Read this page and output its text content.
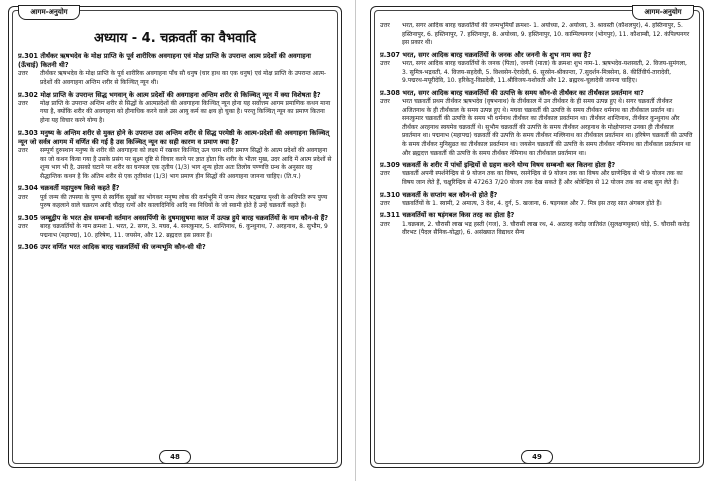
आगम-अनुयोग
अध्याय - 4. चक्रवर्ती का वैभवादि
प्र.301 तीर्थंकर ऋषभदेव के मोक्ष प्राप्ति के पूर्व शारीरिक अवगाहना एवं मोक्ष प्राप्ति के उपरान्त आत्म प्रदेशों की अवगाहना (ऊँचाई) कितनी थी?
उत्तर	तीर्थंकर ऋषभदेव के मोक्ष प्राप्ति के पूर्व शारीरिक अवगाहना पाँच सौ धनुष (चार हाथ का एक धनुष) एवं मोक्ष प्राप्ति के उपरान्त आत्म-प्रदेशों की अवगाहना अन्तिम शरीर से किञ्चित् न्यून थी।
प्र.302 मोक्ष प्राप्ति के उपरान्त सिद्ध भगवान् के आत्म प्रदेशों की अवगाहना अन्तिम शरीर से किञ्चित् न्यून में क्या विशेषता है?
उत्तर	मोक्ष प्राप्ति के उपरान्त अन्तिम शरीर से सिद्धों के आत्मप्रदेशों की अवगाहना किञ्चित् न्यून होना यह सर्वोत्तम आगम प्रमाणिक कथन माना गया है, क्योंकि शरीर की अवगाहना को हीनाधिक करने वाले उस आयु कर्म का क्षय हो चुका है। परन्तु किञ्चित् न्यून का प्रमाण कितना होना यह विचार करने योग्य है।
प्र.303 मनुष्य के अन्तिम शरीर से मुक्त होने के उपरान्त उस अन्तिम शरीर से सिद्ध परमेष्ठी के आत्म-प्रदेशों की अवगाहना किञ्चित् न्यून जो सर्वत्र आगम में वर्णित की गई है उस किञ्चित् न्यून का सही कारण व प्रमाण क्या है?
उत्तर	सम्पूर्ण दुरुस्थान मनुष्य के शरीर की अवगाहना को लक्ष्य में रखकर किञ्चित् ऊन चरम शरीर प्रमाण सिद्धों के आत्म प्रदेशों की अवगाहना का जो कथन किया गया है उसके प्रसंग पर सूक्ष्म दृष्टि से विचार करने पर ज्ञात होता कि शरीर के भीतर मुख, उदर आदि में आत्म प्रदेशों से शून्य भाग भी है, उसको घटाने पर शरीर का घनफल एक तृतीय (1/3) भाग शून्य होता अतः तिलोय पण्णत्ति ग्रन्थ के अनुसार वह सैद्धान्तिक कथन है कि अंतिम शरीर से एक तृतीयांश (1/3) भाग प्रमाण हीन सिद्धों की अवगाहना जानना चाहिए। (ति.प.)
प्र.304 चक्रवर्ती महापुरुष किसे कहते हैं?
उत्तर	पूर्व जन्म की तपस्या के पुण्य से स्वर्गिक सुखों का भोगकर मनुष्य लोक की कर्मभूमि में जन्म लेकर षट्खण्ड पृथ्वी के अधिपति रूप पुण्य पुरुष कहलाने वाले चक्ररत्न आदि चौदह रत्नों और कालादिनिधि आदि नव निधियों के जो स्वामी होते हैं उन्हें चक्रवर्ती कहते हैं।
प्र.305 जम्बूद्वीप के भरत क्षेत्र सम्बन्धी वर्तमान अवसर्पिणी के दुषमासुषमा काल में उत्पन्न हुये बारह चक्रवर्तियों के नाम कौन-से हैं?
उत्तर	बारह चक्रवर्तियों के नाम क्रमशः 1. भरत, 2. सगर, 3. मघव, 4. सनत्कुमार, 5. शान्तिनाथ, 6. कुन्थुनाथ, 7. अरहनाथ, 8. सुभौम, 9 पद्मनाभ (महापद्म), 10. हरिषेण, 11. जयसेन, और 12. ब्रह्मदत्त इस प्रकार हैं।
प्र.306 उपर वर्णित भरत आदिक बारह चक्रवर्तियों की जन्मभूमि कौन-सी थी?
48
आगम-अनुयोग
उत्तर	भरत, सगर आदिक बारह चक्रवर्तियों की जन्मभूमियाँ क्रमशः- 1. अयोध्या, 2. अयोध्या, 3. श्रावस्ती (कौशलपुर), 4. हस्तिनापुर, 5. हस्तिनापुर, 6. हस्तिनापुर, 7. हस्तिनापुर, 8. अयोध्या, 9. हस्तिनापुर, 10. काम्पिल्यनगर (भोगपुर), 11. कौशाम्बी, 12. कंपिल्यनगर इस प्रकार थी।
प्र.307 भरत, सगर आदिक बारह चक्रवर्तियों के जनक और जननी के शुभ नाम क्या है?
उत्तर	भरत, सगर आदिक बारह चक्रवर्तियों के जनक (पिता), जननी (माता) के क्रमशः शुभ नाम-1. ऋषभदेव-यशस्वती, 2. विजय-सुमंगला, 3. सुमित्र-भद्रवती, 4. विजय-सहदेवी, 5. विश्वसेन-ऐरादेवी, 6. सूरसेन-श्रीकान्ता, 7.सुदर्शन-मित्रसेना, 8. कीर्तिवीर्य-तारादेवी, 9.पद्मरथ-मयूरीदेवि, 10. हरिकेतु-विप्रादेवी, 11.श्रीविजय-यशोवती और 12. ब्रह्मरथ-चूलादेवी जानना चाहिए।
प्र.308 भरत, सगर आदिक बारह चक्रवर्तियों की उत्पत्ति के समय कौन-से तीर्थंकर का तीर्थंकाल प्रवर्तमान था?
उत्तर	भरत चक्रवर्ती प्रथम तीर्थंकर ऋषभदेव (वृषभनाथ) के तीर्थंकाल में उन तीर्थंकर के ही समय उत्पन्न हुए थे। सगर चक्रवर्ती तीर्थंकर अजितनाथ के ही तीर्थंकाल के समय उत्पन्न हुए थे। मघवा चक्रवर्ती की उत्पत्ति के समय तीर्थंकर धर्मनाथ का तीर्थंकाल प्रवर्तन था। सनत्कुमार चक्रवर्ती की उत्पत्ति के समय भी धर्मनाथ तीर्थंकर का तीर्थंकाल प्रवर्तमान था। तीर्थंकर शान्तिनाथ, तीर्थंकर कुन्थुनाथ और तीर्थंकर अरहनाथ स्वयमेव चक्रवर्ती थे। सुभौम चक्रवर्ती की उत्पत्ति के समय तीर्थंकर अरहनाथ के मोक्षोपरान्त उनका ही तीर्थंकाल प्रवर्तमान था। पद्मनाभ (महापद्म) चक्रवर्ती की उत्पत्ति के समय तीर्थंकर मल्लिनाथ का तीर्थंकाल प्रवर्तमान था। हरिषेण चक्रवर्ती की उत्पत्ति के समय तीर्थंकर मुनिसुव्रत का तीर्थंकाल प्रवर्तमान था। जयसेन चक्रवर्ती की उत्पत्ति के समय तीर्थंकर नमिनाथ का तीर्थंकाल प्रवर्तमान था और ब्रह्मदत्त चक्रवर्ती की उत्पत्ति के समय तीर्थंकर नेमिनाथ का तीर्थंकाल प्रवर्तमान था।
प्र.309 चक्रवर्ती के शरीर में पांचों इन्द्रियों से ग्रहण करने योग्य विषय सम्बन्धी बल कितना होता है?
उत्तर	चक्रवर्ती अपनी स्पर्शनेन्द्रिय से 9 योजन तक का विषय, रसनेन्द्रिय से 9 योजन तक का विषय और घ्राणेन्द्रिय से भी 9 योजन तक का विषय जान लेते हैं, चक्षुरिन्द्रिय से 47263 7/20 योजन तक देख सकते हैं और श्रोत्रेन्द्रिय से 12 योजन तक का शब्द सुन लेते हैं।
प्र.310 चक्रवर्ती के सप्तांग बल कौन-से होते हैं?
उत्तर	चक्रवर्तियों के 1. स्वामी, 2 अमात्य, 3 देश, 4. दुर्ग, 5. खजाना, 6. षड़गबल और 7. मित्र इस तरह सात अंगबल होते हैं।
प्र.311 चक्रवर्तियों का षड़ंगबल किस तरह का होता है?
उत्तर	1.चक्रबल, 2. चौरासी लाख भद्र हस्ती (गज), 3. चौरासी लाख रथ, 4. अठारह करोड़ जातिवंत (सुलक्षणयुक्त) घोड़े, 5. चौरासी करोड़ वीरभट (पैदल सैनिक-योद्धा), 6. असंख्यात विद्याधर सैन्य
49
